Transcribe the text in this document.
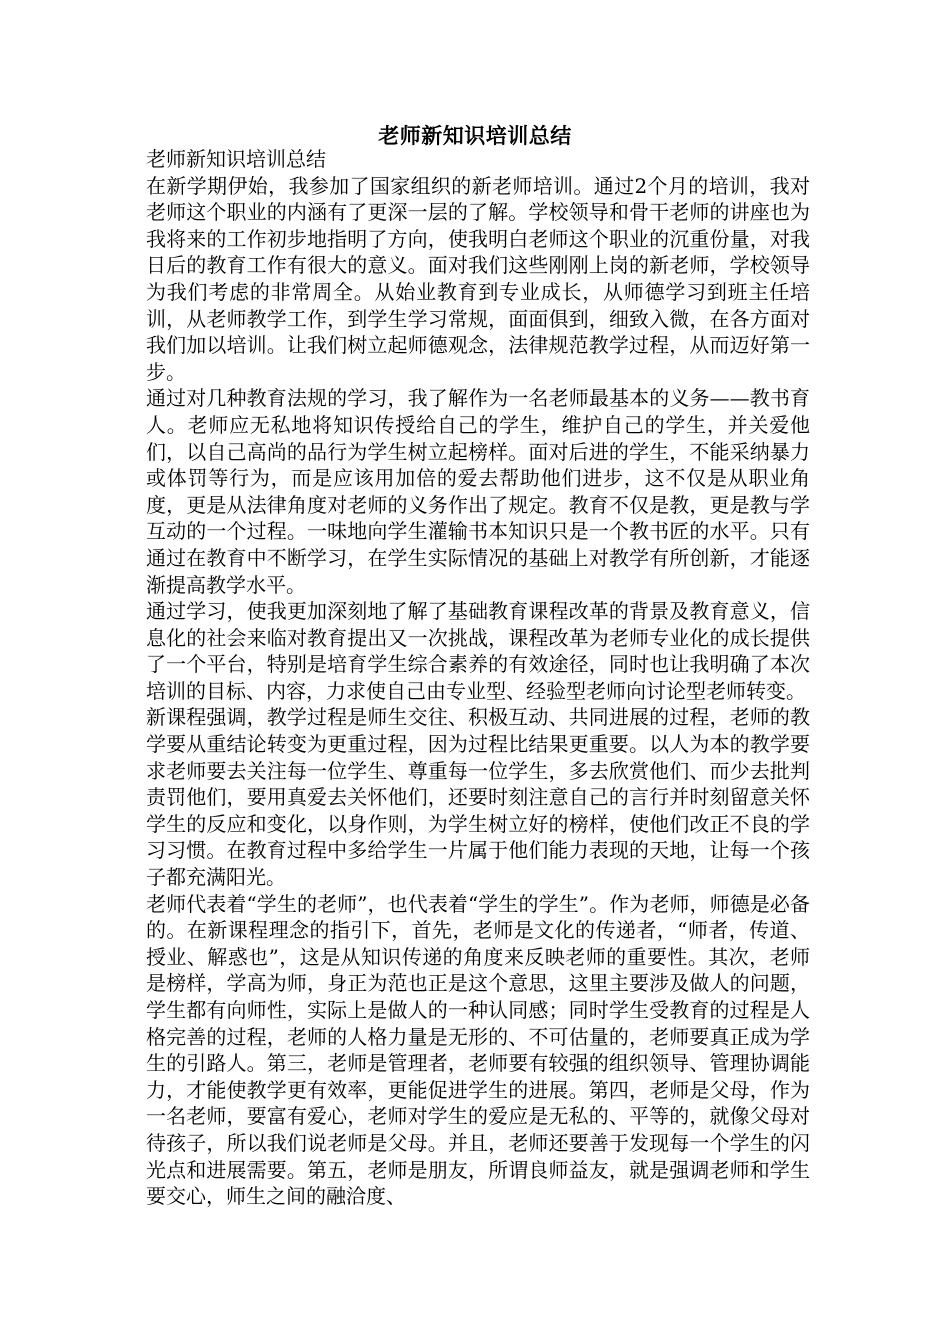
老师新知识培训总结

老师新知识培训总结

在新学期伊始，我参加了国家组织的新老师培训。通过2个月的培训，我对老师这个职业的内涵有了更深一层的了解。学校领导和骨干老师的讲座也为我将来的工作初步地指明了方向，使我明白老师这个职业的沉重份量，对我日后的教育工作有很大的意义。面对我们这些刚刚上岗的新老师，学校领导为我们考虑的非常周全。从始业教育到专业成长，从师德学习到班主任培训，从老师教学工作，到学生学习常规，面面俱到，细致入微，在各方面对我们加以培训。让我们树立起师德观念，法律规范教学过程，从而迈好第一步。

通过对几种教育法规的学习，我了解作为一名老师最基本的义务——教书育人。老师应无私地将知识传授给自己的学生，维护自己的学生，并关爱他们，以自己高尚的品行为学生树立起榜样。面对后进的学生，不能采纳暴力或体罚等行为，而是应该用加倍的爱去帮助他们进步，这不仅是从职业角度，更是从法律角度对老师的义务作出了规定。教育不仅是教，更是教与学互动的一个过程。一味地向学生灌输书本知识只是一个教书匠的水平。只有通过在教育中不断学习，在学生实际情况的基础上对教学有所创新，才能逐渐提高教学水平。

通过学习，使我更加深刻地了解了基础教育课程改革的背景及教育意义，信息化的社会来临对教育提出又一次挑战，课程改革为老师专业化的成长提供了一个平台，特别是培育学生综合素养的有效途径，同时也让我明确了本次培训的目标、内容，力求使自己由专业型、经验型老师向讨论型老师转变。

新课程强调，教学过程是师生交往、积极互动、共同进展的过程，老师的教学要从重结论转变为更重过程，因为过程比结果更重要。以人为本的教学要求老师要去关注每一位学生、尊重每一位学生，多去欣赏他们、而少去批判责罚他们，要用真爱去关怀他们，还要时刻注意自己的言行并时刻留意关怀学生的反应和变化，以身作则，为学生树立好的榜样，使他们改正不良的学习习惯。在教育过程中多给学生一片属于他们能力表现的天地，让每一个孩子都充满阳光。

老师代表着“学生的老师”，也代表着“学生的学生”。作为老师，师德是必备的。在新课程理念的指引下，首先，老师是文化的传递者，“师者，传道、授业、解惑也”，这是从知识传递的角度来反映老师的重要性。其次，老师是榜样，学高为师，身正为范也正是这个意思，这里主要涉及做人的问题，学生都有向师性，实际上是做人的一种认同感；同时学生受教育的过程是人格完善的过程，老师的人格力量是无形的、不可估量的，老师要真正成为学生的引路人。第三，老师是管理者，老师要有较强的组织领导、管理协调能力，才能使教学更有效率，更能促进学生的进展。第四，老师是父母，作为一名老师，要富有爱心，老师对学生的爱应是无私的、平等的，就像父母对待孩子，所以我们说老师是父母。并且，老师还要善于发现每一个学生的闪光点和进展需要。第五，老师是朋友，所谓良师益友，就是强调老师和学生要交心，师生之间的融洽度、
